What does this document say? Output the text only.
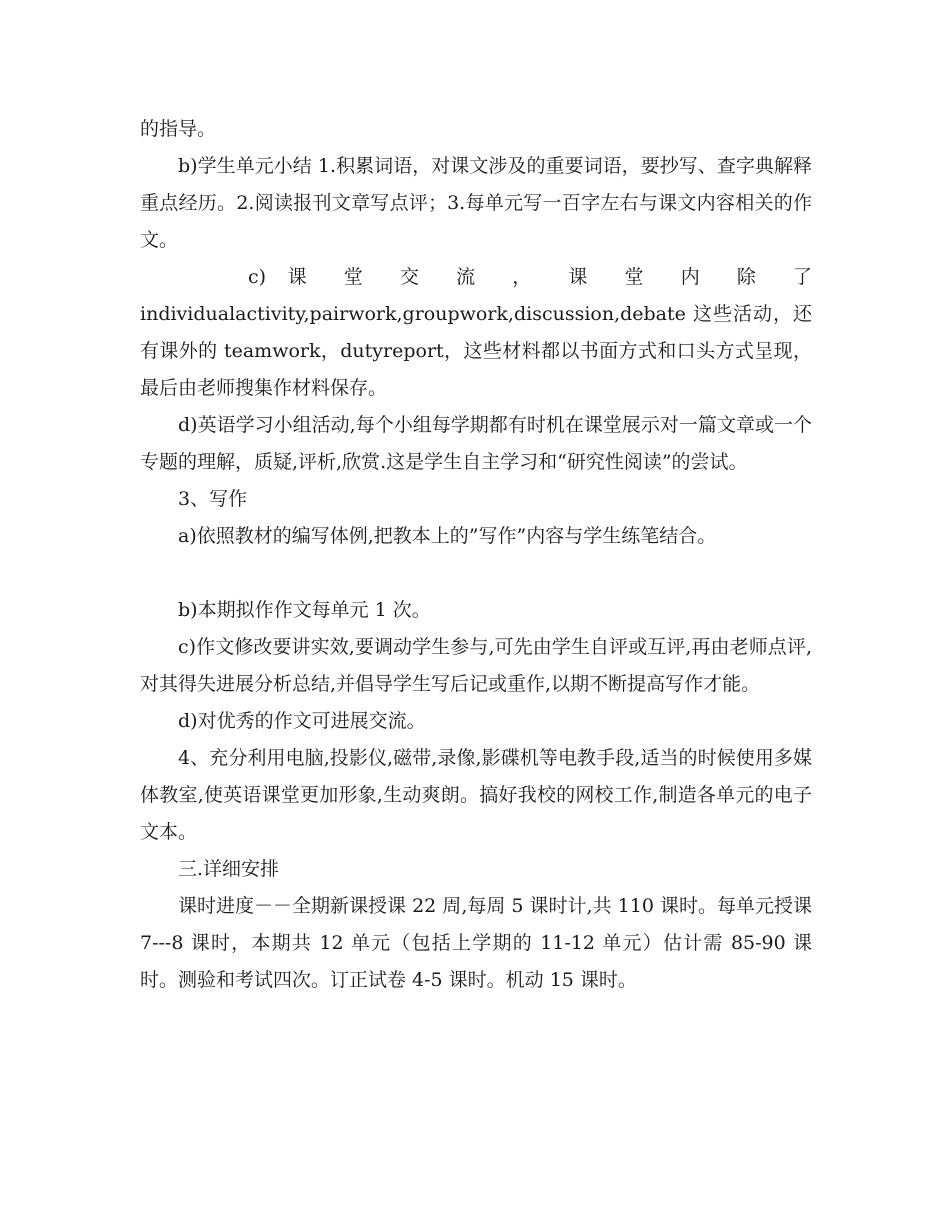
的指导。

b)学生单元小结 1.积累词语，对课文涉及的重要词语，要抄写、查字典解释重点经历。2.阅读报刊文章写点评；3.每单元写一百字左右与课文内容相关的作文。

c) 课 堂 交 流 ， 课 堂 内 除 了

individualactivity,pairwork,groupwork,discussion,debate 这些活动，还有课外的 teamwork，dutyreport，这些材料都以书面方式和口头方式呈现，最后由老师搜集作材料保存。

d)英语学习小组活动,每个小组每学期都有时机在课堂展示对一篇文章或一个专题的理解，质疑,评析,欣赏.这是学生自主学习和“研究性阅读”的尝试。

3、写作

a)依照教材的编写体例,把教本上的”写作”内容与学生练笔结合。

b)本期拟作作文每单元 1 次。

c)作文修改要讲实效,要调动学生参与,可先由学生自评或互评,再由老师点评,对其得失进展分析总结,并倡导学生写后记或重作,以期不断提高写作才能。

d)对优秀的作文可进展交流。

4、充分利用电脑,投影仪,磁带,录像,影碟机等电教手段,适当的时候使用多媒体教室,使英语课堂更加形象,生动爽朗。搞好我校的网校工作,制造各单元的电子文本。

三.详细安排

课时进度－－全期新课授课 22 周,每周 5 课时计,共 110 课时。每单元授课 7---8 课时，本期共 12 单元（包括上学期的 11-12 单元）估计需 85-90 课时。测验和考试四次。订正试卷 4-5 课时。机动 15 课时。
